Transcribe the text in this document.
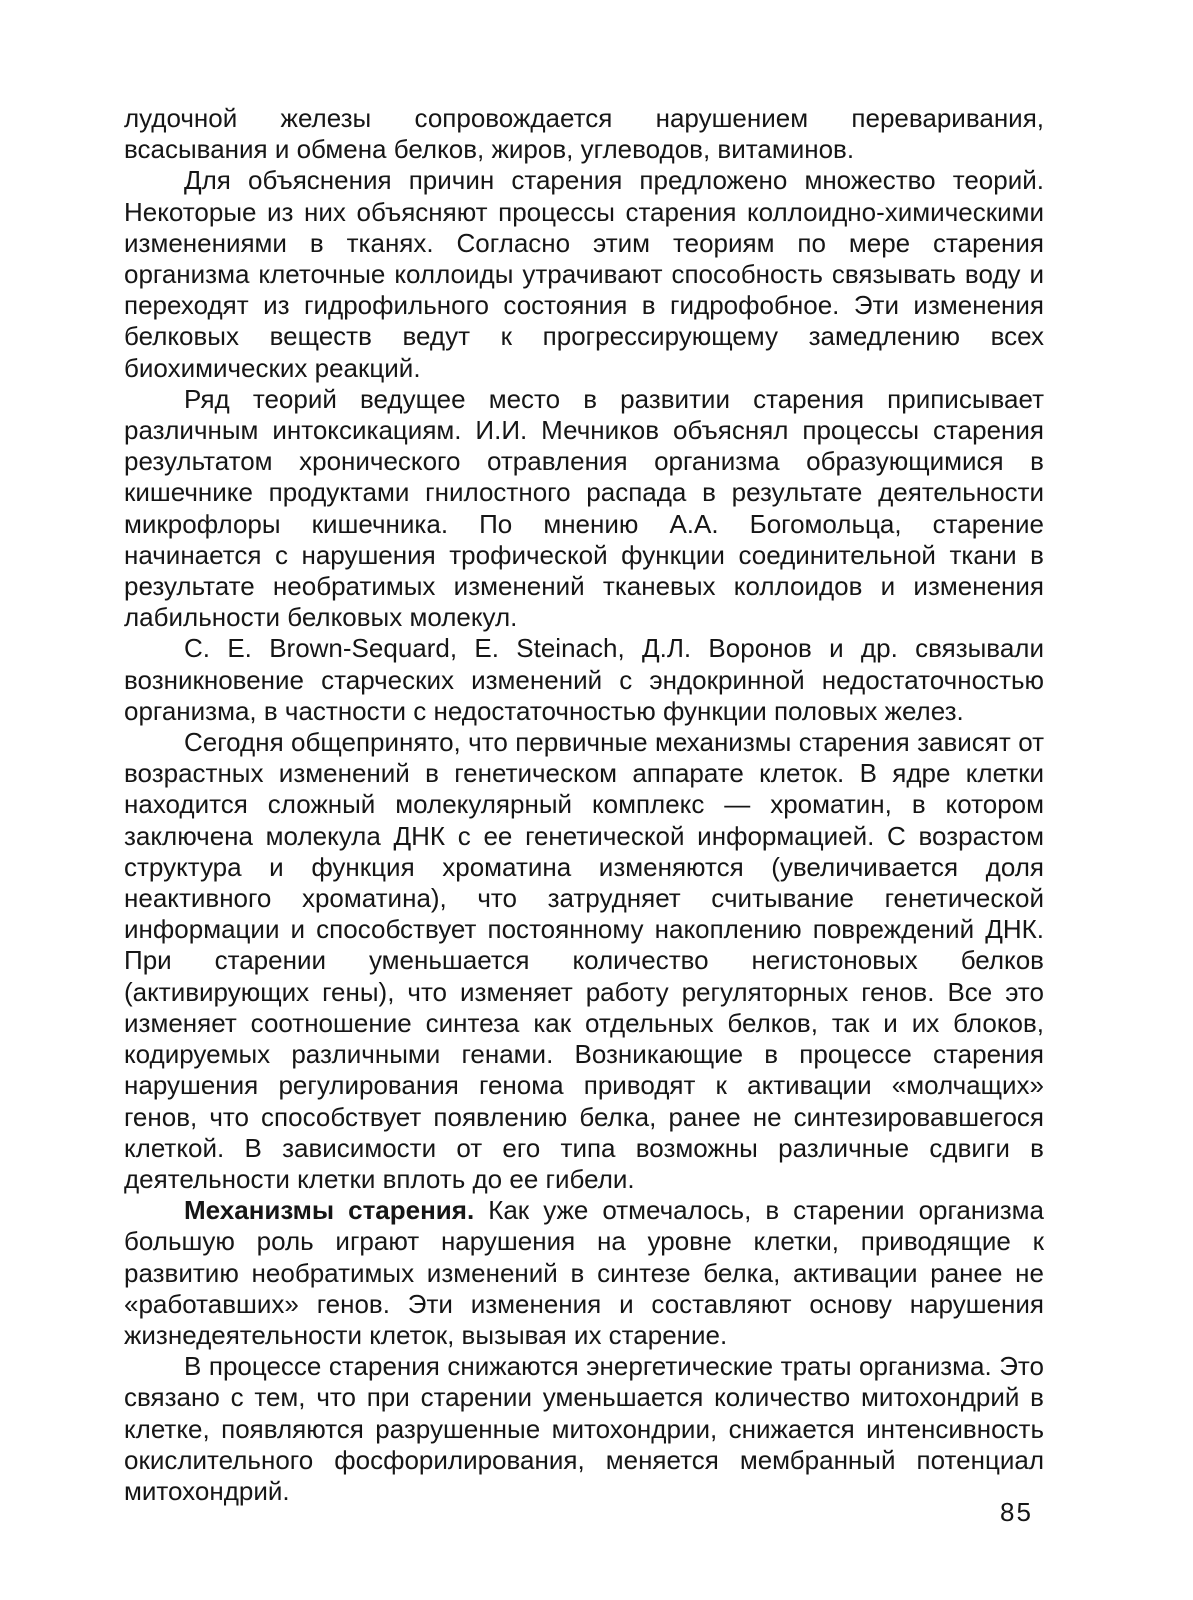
лудочной железы сопровождается нарушением переваривания, всасывания и обмена белков, жиров, углеводов, витаминов.

Для объяснения причин старения предложено множество теорий. Некоторые из них объясняют процессы старения коллоидно-химическими изменениями в тканях. Согласно этим теориям по мере старения организма клеточные коллоиды утрачивают способность связывать воду и переходят из гидрофильного состояния в гидрофобное. Эти изменения белковых веществ ведут к прогрессирующему замедлению всех биохимических реакций.

Ряд теорий ведущее место в развитии старения приписывает различным интоксикациям. И.И. Мечников объяснял процессы старения результатом хронического отравления организма образующимися в кишечнике продуктами гнилостного распада в результате деятельности микрофлоры кишечника. По мнению А.А. Богомольца, старение начинается с нарушения трофической функции соединительной ткани в результате необратимых изменений тканевых коллоидов и изменения лабильности белковых молекул.

C. E. Brown-Sequard, E. Steinach, Д.Л. Воронов и др. связывали возникновение старческих изменений с эндокринной недостаточностью организма, в частности с недостаточностью функции половых желез.

Сегодня общепринято, что первичные механизмы старения зависят от возрастных изменений в генетическом аппарате клеток. В ядре клетки находится сложный молекулярный комплекс — хроматин, в котором заключена молекула ДНК с ее генетической информацией. С возрастом структура и функция хроматина изменяются (увеличивается доля неактивного хроматина), что затрудняет считывание генетической информации и способствует постоянному накоплению повреждений ДНК. При старении уменьшается количество негистоновых белков (активирующих гены), что изменяет работу регуляторных генов. Все это изменяет соотношение синтеза как отдельных белков, так и их блоков, кодируемых различными генами. Возникающие в процессе старения нарушения регулирования генома приводят к активации «молчащих» генов, что способствует появлению белка, ранее не синтезировавшегося клеткой. В зависимости от его типа возможны различные сдвиги в деятельности клетки вплоть до ее гибели.

Механизмы старения. Как уже отмечалось, в старении организма большую роль играют нарушения на уровне клетки, приводящие к развитию необратимых изменений в синтезе белка, активации ранее не «работавших» генов. Эти изменения и составляют основу нарушения жизнедеятельности клеток, вызывая их старение.

В процессе старения снижаются энергетические траты организма. Это связано с тем, что при старении уменьшается количество митохондрий в клетке, появляются разрушенные митохондрии, снижается интенсивность окислительного фосфорилирования, меняется мембранный потенциал митохондрий.

85
